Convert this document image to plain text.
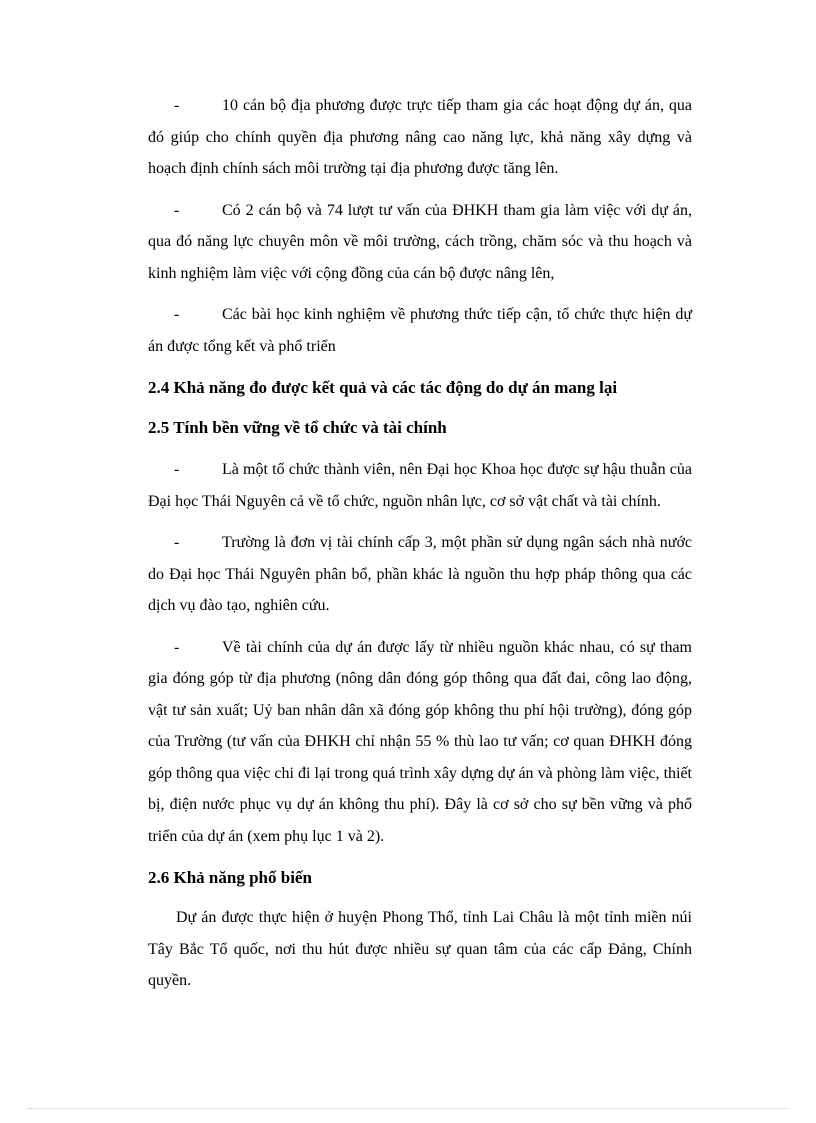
-	10 cán bộ địa phương được trực tiếp tham gia các hoạt động dự án, qua đó giúp cho chính quyền địa phương nâng cao năng lực, khả năng xây dựng và hoạch định chính sách môi trường tại địa phương được tăng lên.
-	Có 2 cán bộ và 74 lượt tư vấn của ĐHKH tham gia làm việc với dự án, qua đó năng lực chuyên môn về môi trường, cách trồng, chăm sóc và thu hoạch và kinh nghiệm làm việc với cộng đồng của cán bộ được nâng lên,
-	Các bài học kinh nghiệm về phương thức tiếp cận, tổ chức thực hiện dự án được tổng kết và phổ triển
2.4 Khả năng đo được kết quả và các tác động do dự án mang lại
2.5 Tính bền vững về tổ chức và tài chính
-	Là một tổ chức thành viên, nên Đại học Khoa học được sự hậu thuẫn của Đại học Thái Nguyên cả về tổ chức, nguồn nhân lực, cơ sở vật chất và tài chính.
-	Trường là đơn vị tài chính cấp 3, một phần sử dụng ngân sách nhà nước do Đại học Thái Nguyên phân bổ, phần khác là nguồn thu hợp pháp thông qua các dịch vụ đào tạo, nghiên cứu.
-	Về tài chính của dự án được lấy từ nhiều nguồn khác nhau, có sự tham gia đóng góp từ địa phương (nông dân đóng góp thông qua đất đai, công lao động, vật tư sản xuất; Uỷ ban nhân dân xã đóng góp không thu phí hội trường), đóng góp của Trường (tư vấn của ĐHKH chỉ nhận 55 % thù lao tư vấn; cơ quan ĐHKH đóng góp thông qua việc chi đi lại trong quá trình xây dựng dự án và phòng làm việc, thiết bị, điện nước phục vụ dự án không thu phí). Đây là cơ sở cho sự bền vững và phổ triển của dự án (xem phụ lục 1 và 2).
2.6 Khả năng phổ biến
Dự án được thực hiện ở huyện Phong Thổ, tỉnh Lai Châu là một tỉnh miền núi Tây Bắc Tổ quốc, nơi thu hút được nhiều sự quan tâm của các cấp Đảng, Chính quyền.
